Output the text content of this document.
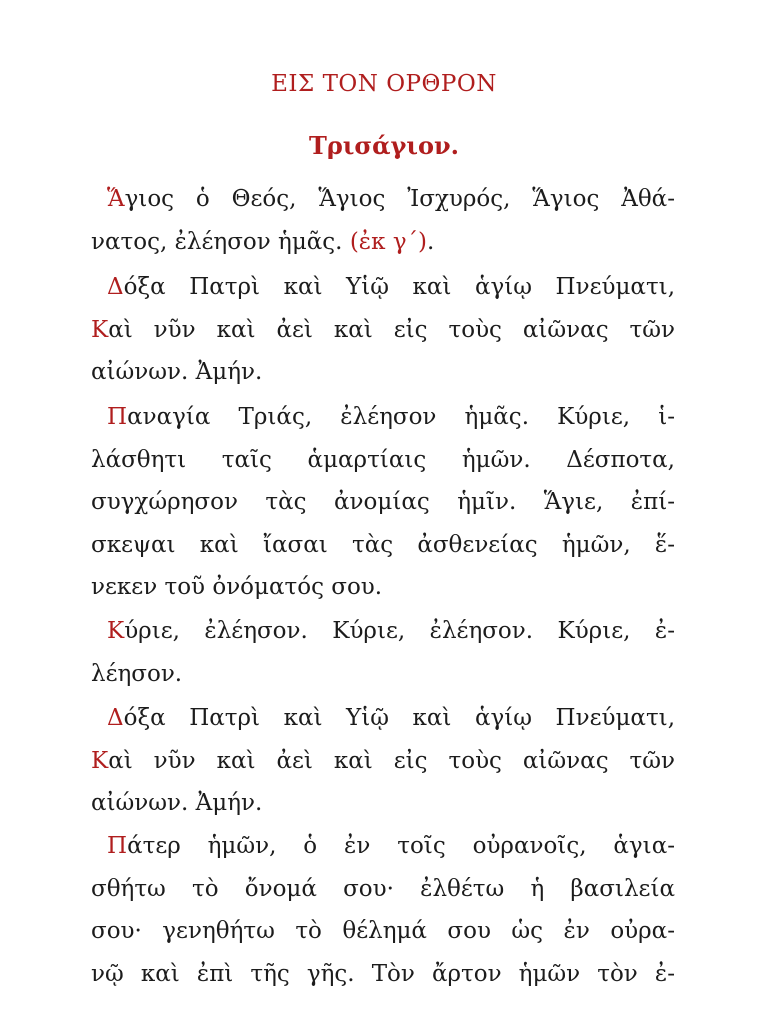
ΕΙΣ ΤΟΝ ΟΡΘΡΟΝ
Τρισάγιον.
Ἅγιος ὁ Θεός, Ἅγιος Ἰσχυρός, Ἅγιος Ἀθά-
νατος, ἐλέησον ἡμᾶς. (ἐκ γ΄).
Δόξα Πατρὶ καὶ Υἱῷ καὶ ἁγίῳ Πνεύματι,
Καὶ νῦν καὶ ἀεὶ καὶ εἰς τοὺς αἰῶνας τῶν
αἰώνων. Ἀμήν.
Παναγία Τριάς, ἐλέησον ἡμᾶς. Κύριε, ἱ-
λάσθητι ταῖς ἁμαρτίαις ἡμῶν. Δέσποτα,
συγχώρησον τὰς ἀνομίας ἡμῖν. Ἅγιε, ἐπί-
σκεψαι καὶ ἴασαι τὰς ἀσθενείας ἡμῶν, ἕ-
νεκεν τοῦ ὀνόματός σου.
Κύριε, ἐλέησον. Κύριε, ἐλέησον. Κύριε, ἐ-
λέησον.
Δόξα Πατρὶ καὶ Υἱῷ καὶ ἁγίῳ Πνεύματι,
Καὶ νῦν καὶ ἀεὶ καὶ εἰς τοὺς αἰῶνας τῶν
αἰώνων. Ἀμήν.
Πάτερ ἡμῶν, ὁ ἐν τοῖς οὐρανοῖς, ἁγια-
σθήτω τὸ ὄνομά σου· ἐλθέτω ἡ βασιλεία
σου· γενηθήτω τὸ θέλημά σου ὡς ἐν οὐρα-
νῷ καὶ ἐπὶ τῆς γῆς. Τὸν ἄρτον ἡμῶν τὸν ἐ-
